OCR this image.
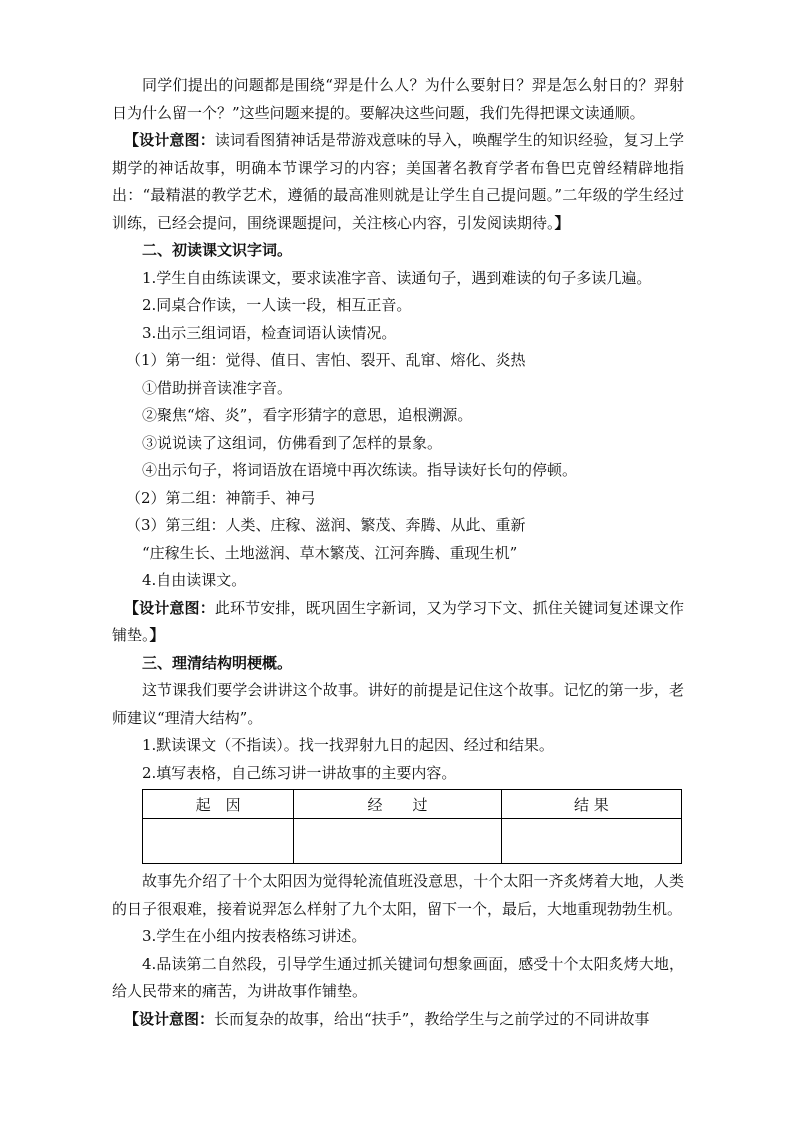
同学们提出的问题都是围绕“羿是什么人？为什么要射日？羿是怎么射日的？羿射日为什么留一个？”这些问题来提的。要解决这些问题，我们先得把课文读通顺。

【设计意图：读词看图猜神话是带游戏意味的导入，唤醒学生的知识经验，复习上学期学的神话故事，明确本节课学习的内容；美国著名教育学者布鲁巴克曾经精辟地指出：“最精湛的教学艺术，遵循的最高准则就是让学生自己提问题。”二年级的学生经过训练，已经会提问，围绕课题提问，关注核心内容，引发阅读期待。】

二、初读课文识字词。

1.学生自由练读课文，要求读准字音、读通句子，遇到难读的句子多读几遍。

2.同桌合作读，一人读一段，相互正音。

3.出示三组词语，检查词语认读情况。

（1）第一组：觉得、值日、害怕、裂开、乱窜、熔化、炎热

①借助拼音读准字音。

②聚焦“熔、炎”，看字形猜字的意思，追根溯源。

③说说读了这组词，仿佛看到了怎样的景象。

④出示句子，将词语放在语境中再次练读。指导读好长句的停顿。

（2）第二组：神箭手、神弓

（3）第三组：人类、庄稼、滋润、繁茂、奔腾、从此、重新

“庄稼生长、土地滋润、草木繁茂、江河奔腾、重现生机”

4.自由读课文。

【设计意图：此环节安排，既巩固生字新词，又为学习下文、抓住关键词复述课文作铺垫。】

三、理清结构明梗概。

这节课我们要学会讲讲这个故事。讲好的前提是记住这个故事。记忆的第一步，老师建议“理清大结构”。

1.默读课文（不指读）。找一找羿射九日的起因、经过和结果。

2.填写表格，自己练习讲一讲故事的主要内容。

起　因	经　　过	结 果

故事先介绍了十个太阳因为觉得轮流值班没意思，十个太阳一齐炙烤着大地，人类的日子很艰难，接着说羿怎么样射了九个太阳，留下一个，最后，大地重现勃勃生机。

3.学生在小组内按表格练习讲述。

4.品读第二自然段，引导学生通过抓关键词句想象画面，感受十个太阳炙烤大地，给人民带来的痛苦，为讲故事作铺垫。

【设计意图：长而复杂的故事，给出“扶手”，教给学生与之前学过的不同讲故事
